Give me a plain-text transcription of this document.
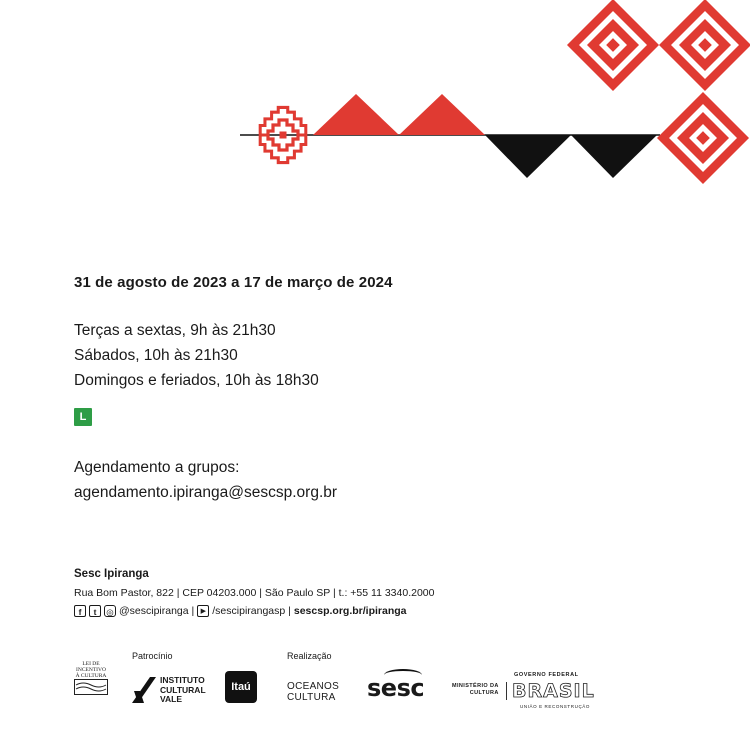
31 de agosto de 2023 a 17 de março de 2024
Terças a sextas, 9h às 21h30
Sábados, 10h às 21h30
Domingos e feriados, 10h às 18h30
L
Agendamento a grupos:
agendamento.ipiranga@sescsp.org.br
Sesc Ipiranga
Rua Bom Pastor, 822 | CEP 04203.000 | São Paulo SP | t.: +55 11 3340.2000
f	t	◎ @sescipiranga | ▶ /sescipirangasp | sescsp.org.br/ipiranga
Patrocínio	Realização
LEI DE INCENTIVO À CULTURA	INSTITUTO
CULTURAL
VALE
Itaú	OCEANOS
CULTURA sesc	MINISTÉRIO DA
CULTURA
GOVERNO FEDERAL
BRASIL
UNIÃO E RECONSTRUÇÃO
